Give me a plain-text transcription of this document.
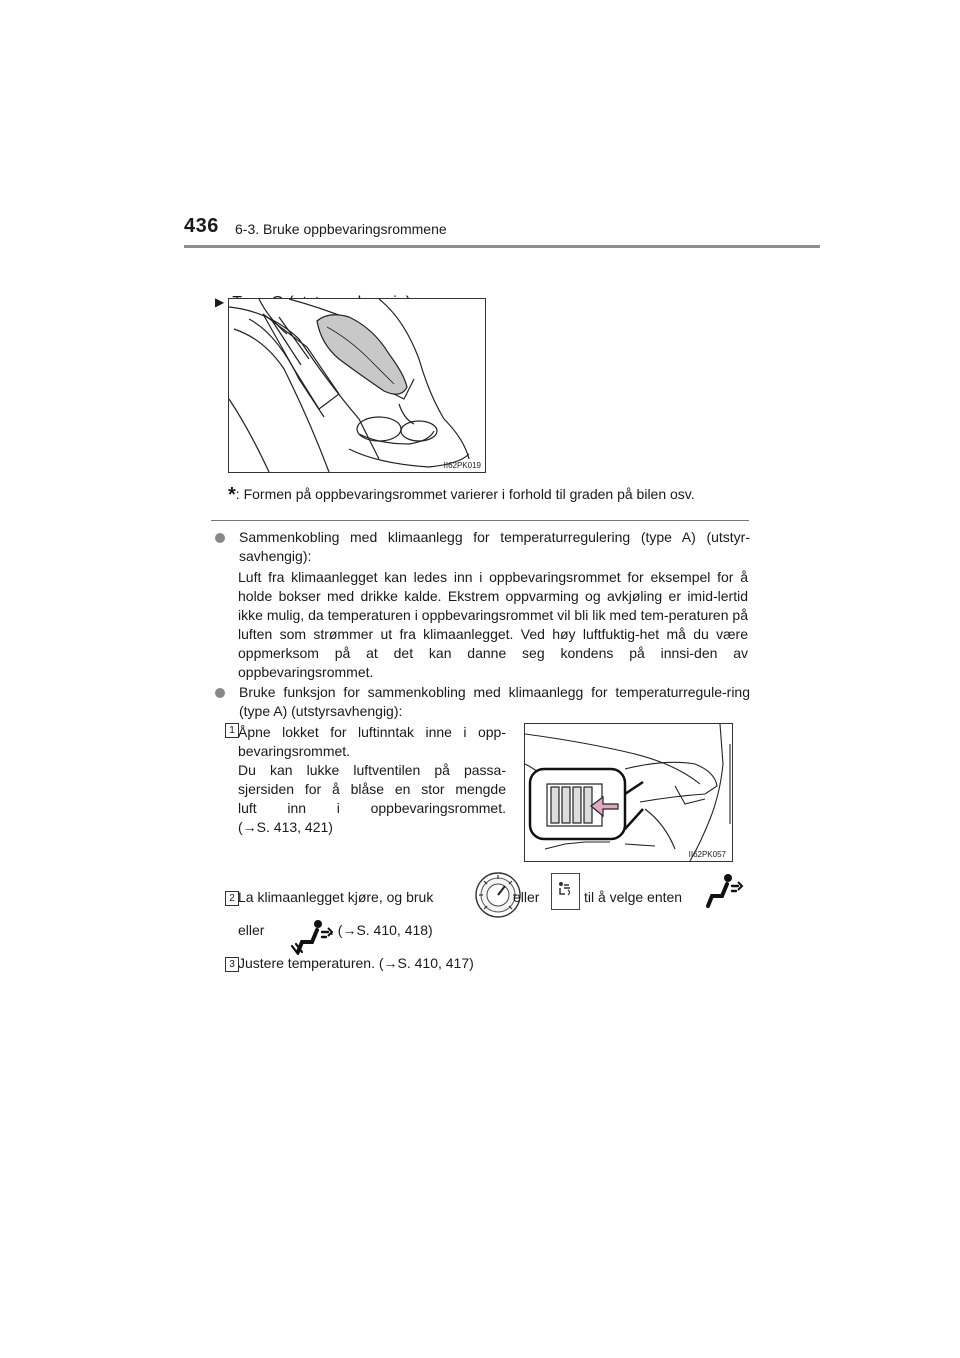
436 6-3. Bruke oppbevaringsrommene
▶
II62PK019
*: Formen på oppbevaringsrommet varierer i forhold til graden på bilen osv.
Sammenkobling med klimaanlegg for temperaturregulering (type A) (utstyr-savhengig):
Luft fra klimaanlegget kan ledes inn i oppbevaringsrommet for eksempel for å holde bokser med drikke kalde. Ekstrem oppvarming og avkjøling er imid-lertid ikke mulig, da temperaturen i oppbevaringsrommet vil bli lik med tem-peraturen på luften som strømmer ut fra klimaanlegget. Ved høy luftfuktig-het må du være oppmerksom på at det kan danne seg kondens på innsi-den av oppbevaringsrommet.
Bruke funksjon for sammenkobling med klimaanlegg for temperaturregule-ring (type A) (utstyrsavhengig):
1 Åpne lokket for luftinntak inne i opp-
bevaringsrommet.
Du kan lukke luftventilen på passa-
sjersiden for å blåse en stor mengde
luft inn i oppbevaringsrommet.
(→S. 413, 421)
II62PK057
2 La klimaanlegget kjøre, og bruk	eller	til å velge enten
eller	. (→S. 410, 418)
3 Justere temperaturen. (→S. 410, 417)
